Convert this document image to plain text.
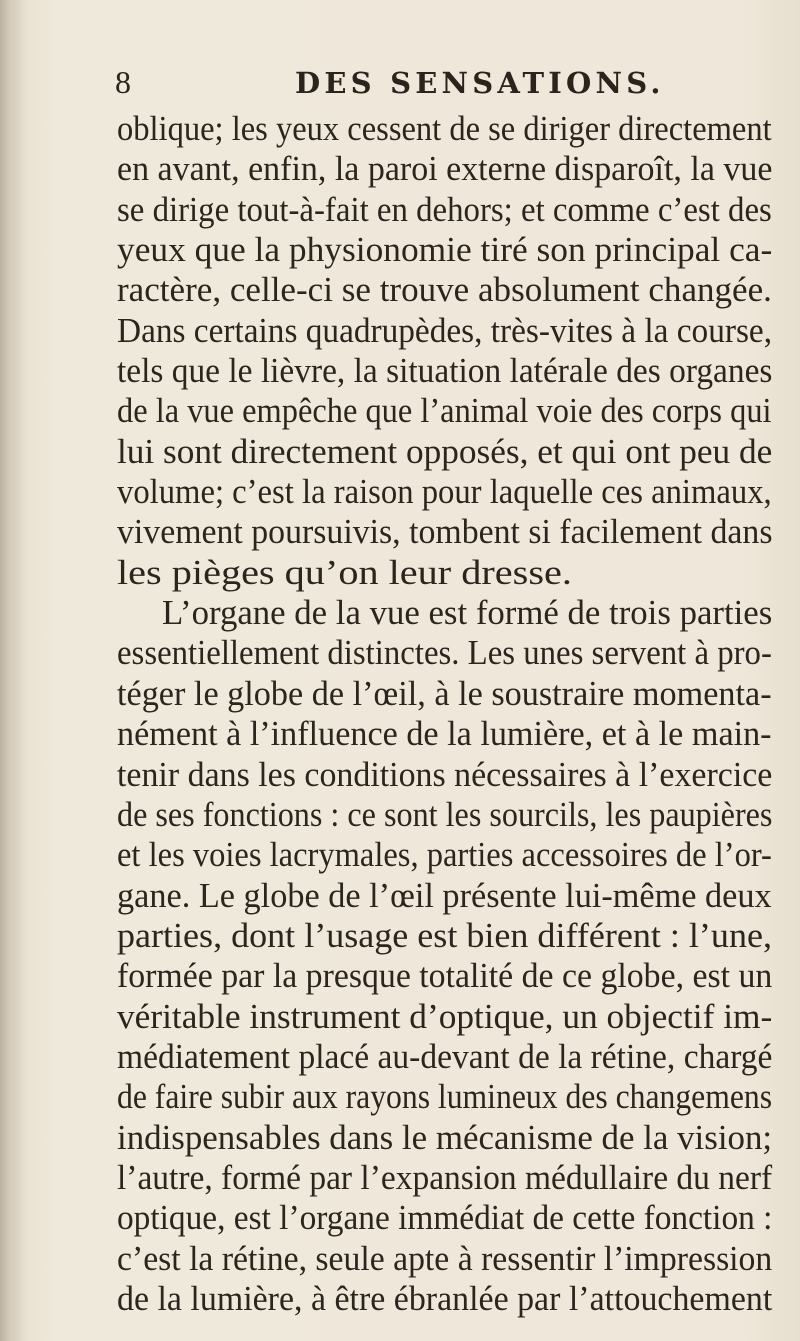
8	DES SENSATIONS.
oblique; les yeux cessent de se diriger directement
en avant, enfin, la paroi externe disparoît, la vue
se dirige tout-à-fait en dehors; et comme c’est des
yeux que la physionomie tiré son principal ca-
ractère, celle-ci se trouve absolument changée.
Dans certains quadrupèdes, très-vites à la course,
tels que le lièvre, la situation latérale des organes
de la vue empêche que l’animal voie des corps qui
lui sont directement opposés, et qui ont peu de
volume; c’est la raison pour laquelle ces animaux,
vivement poursuivis, tombent si facilement dans
les pièges qu’on leur dresse.
L’organe de la vue est formé de trois parties
essentiellement distinctes. Les unes servent à pro-
téger le globe de l’œil, à le soustraire momenta-
nément à l’influence de la lumière, et à le main-
tenir dans les conditions nécessaires à l’exercice
de ses fonctions : ce sont les sourcils, les paupières
et les voies lacrymales, parties accessoires de l’or-
gane. Le globe de l’œil présente lui-même deux
parties, dont l’usage est bien différent : l’une,
formée par la presque totalité de ce globe, est un
véritable instrument d’optique, un objectif im-
médiatement placé au-devant de la rétine, chargé
de faire subir aux rayons lumineux des changemens
indispensables dans le mécanisme de la vision;
l’autre, formé par l’expansion médullaire du nerf
optique, est l’organe immédiat de cette fonction :
c’est la rétine, seule apte à ressentir l’impression
de la lumière, à être ébranlée par l’attouchement
